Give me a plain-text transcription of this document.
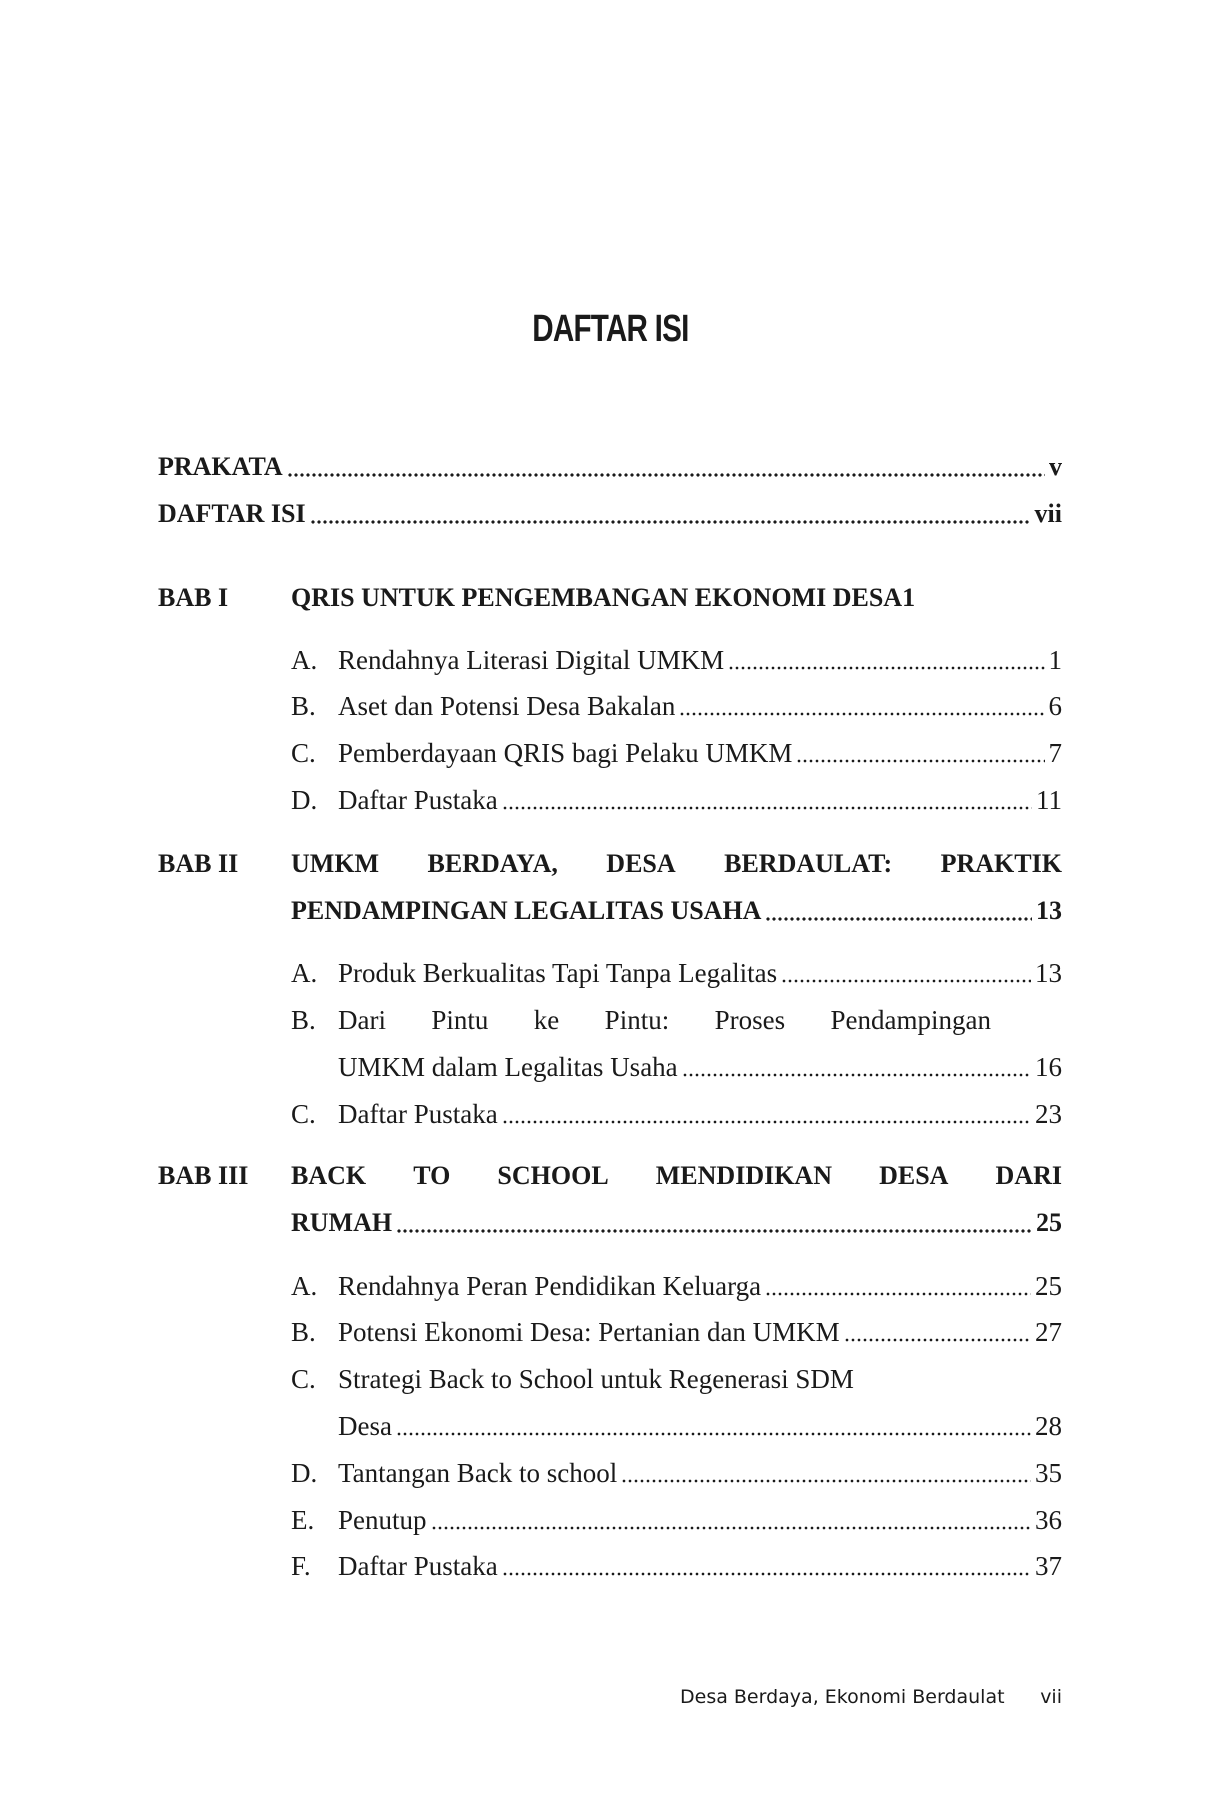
DAFTAR ISI
PRAKATA	v
DAFTAR ISI	vii
BAB I QRIS UNTUK PENGEMBANGAN EKONOMI DESA 1
A. Rendahnya Literasi Digital UMKM	1
B. Aset dan Potensi Desa Bakalan	6
C. Pemberdayaan QRIS bagi Pelaku UMKM	7
D. Daftar Pustaka	11
BAB II UMKM BERDAYA, DESA BERDAULAT: PRAKTIK
PENDAMPINGAN LEGALITAS USAHA	13
A. Produk Berkualitas Tapi Tanpa Legalitas	13
B. Dari Pintu ke Pintu: Proses Pendampingan
UMKM dalam Legalitas Usaha	16
C. Daftar Pustaka	23
BAB III BACK TO SCHOOL MENDIDIKAN DESA DARI
RUMAH	25
A. Rendahnya Peran Pendidikan Keluarga	25
B. Potensi Ekonomi Desa: Pertanian dan UMKM	27
C. Strategi Back to School untuk Regenerasi SDM
Desa	28
D. Tantangan Back to school	35
E. Penutup	36
F.	Daftar Pustaka	37
Desa Berdaya, Ekonomi Berdaulat vii
